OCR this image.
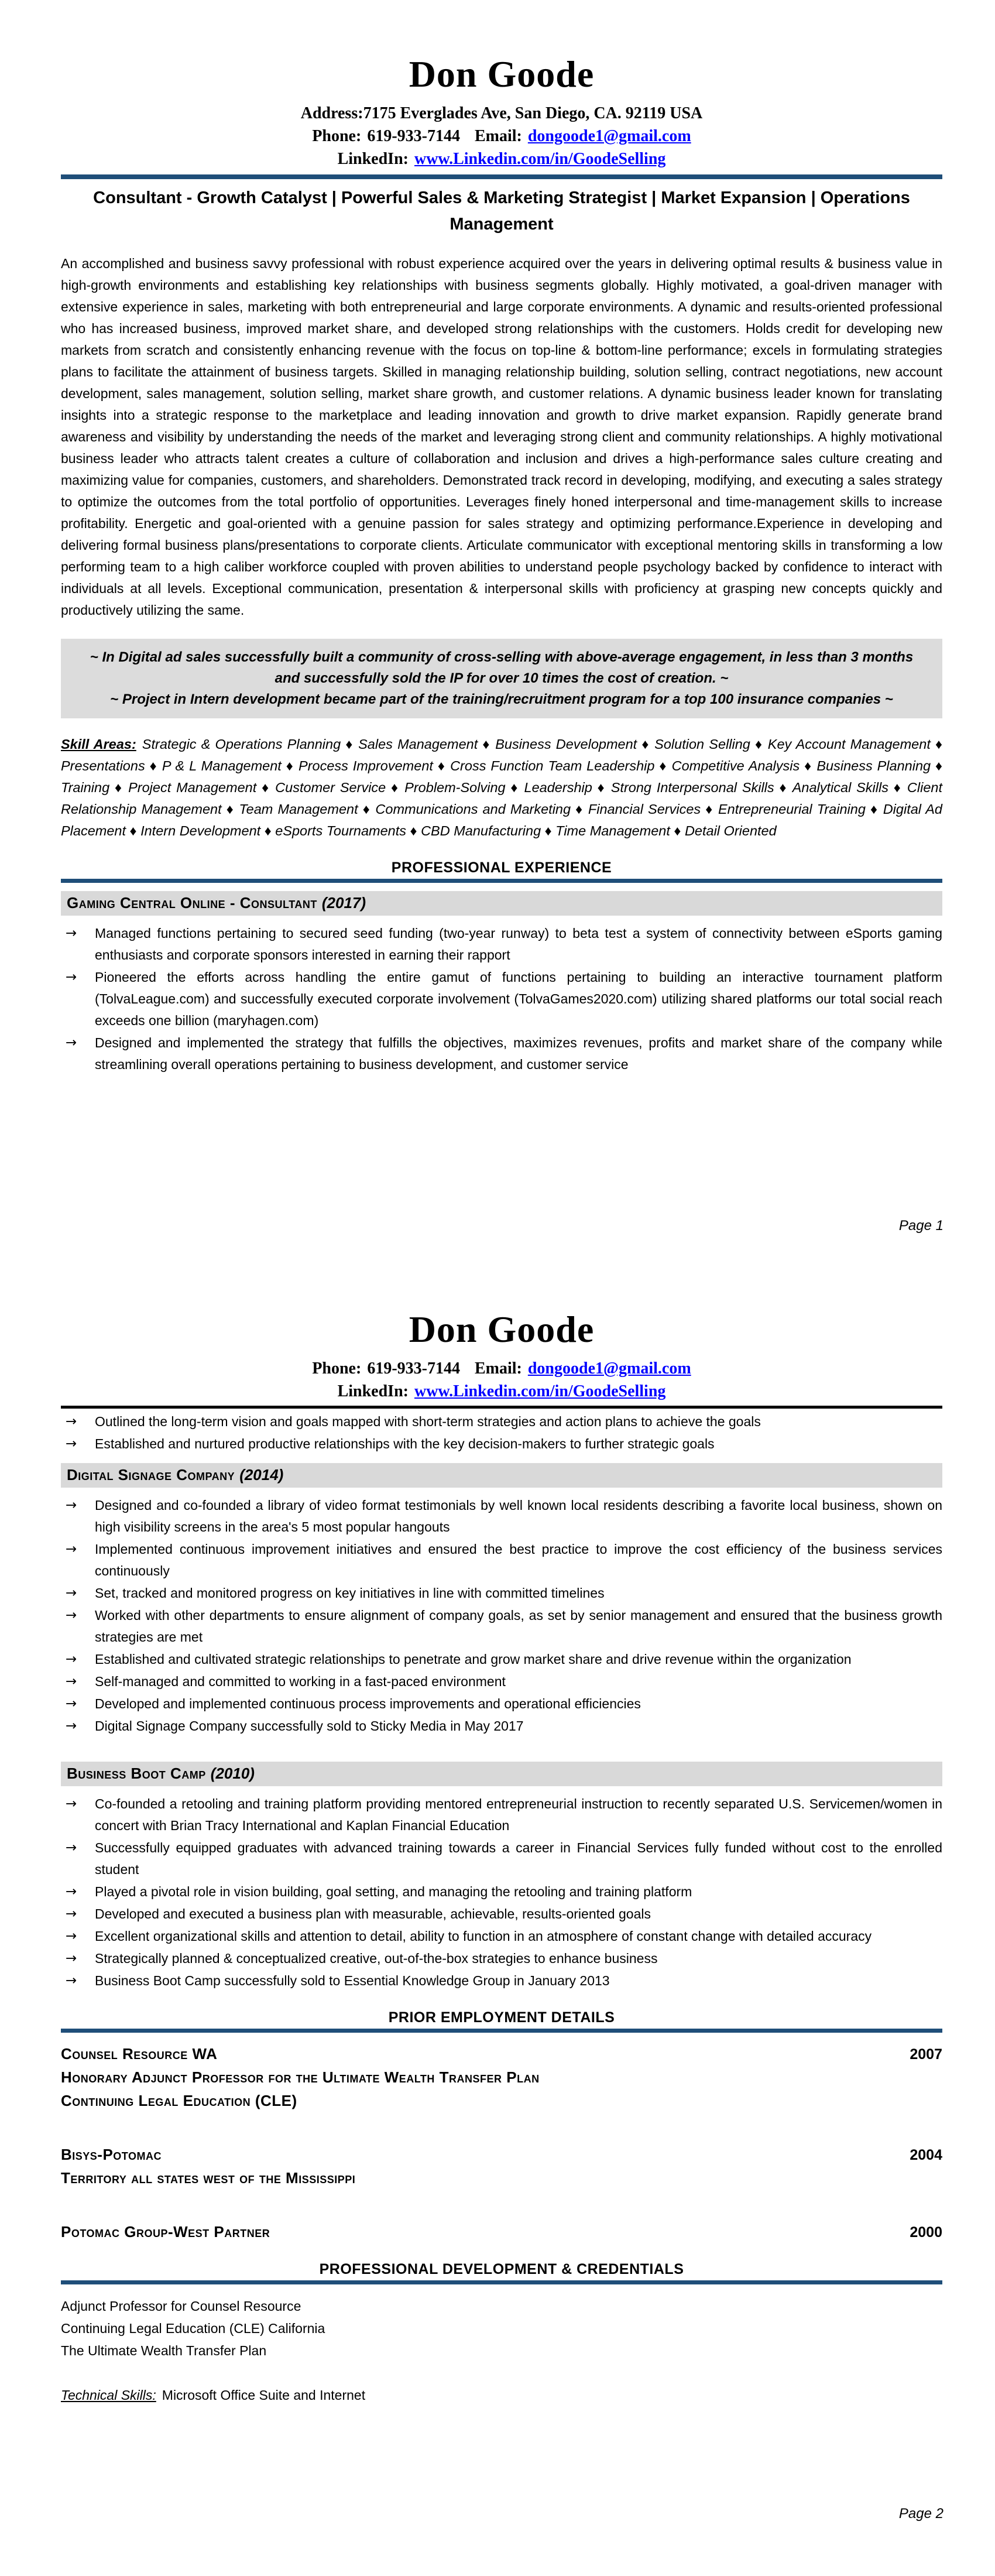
Don Goode
Address:7175 Everglades Ave, San Diego, CA. 92119 USA
Phone: 619-933-7144 Email: dongoode1@gmail.com
LinkedIn: www.Linkedin.com/in/GoodeSelling
Consultant - Growth Catalyst | Powerful Sales & Marketing Strategist | Market Expansion | Operations Management

An accomplished and business savvy professional with robust experience acquired over the years in delivering optimal results & business value in high-growth environments and establishing key relationships with business segments globally. Highly motivated, a goal-driven manager with extensive experience in sales, marketing with both entrepreneurial and large corporate environments. A dynamic and results-oriented professional who has increased business, improved market share, and developed strong relationships with the customers. Holds credit for developing new markets from scratch and consistently enhancing revenue with the focus on top-line & bottom-line performance; excels in formulating strategies plans to facilitate the attainment of business targets. Skilled in managing relationship building, solution selling, contract negotiations, new account development, sales management, solution selling, market share growth, and customer relations. A dynamic business leader known for translating insights into a strategic response to the marketplace and leading innovation and growth to drive market expansion. Rapidly generate brand awareness and visibility by understanding the needs of the market and leveraging strong client and community relationships. A highly motivational business leader who attracts talent creates a culture of collaboration and inclusion and drives a high-performance sales culture creating and maximizing value for companies, customers, and shareholders. Demonstrated track record in developing, modifying, and executing a sales strategy to optimize the outcomes from the total portfolio of opportunities. Leverages finely honed interpersonal and time-management skills to increase profitability. Energetic and goal-oriented with a genuine passion for sales strategy and optimizing performance.Experience in developing and delivering formal business plans/presentations to corporate clients. Articulate communicator with exceptional mentoring skills in transforming a low performing team to a high caliber workforce coupled with proven abilities to understand people psychology backed by confidence to interact with individuals at all levels. Exceptional communication, presentation & interpersonal skills with proficiency at grasping new concepts quickly and productively utilizing the same.

~ In Digital ad sales successfully built a community of cross-selling with above-average engagement, in less than 3 months and successfully sold the IP for over 10 times the cost of creation. ~

~ Project in Intern development became part of the training/recruitment program for a top 100 insurance companies ~

Skill Areas: Strategic & Operations Planning ♦ Sales Management ♦ Business Development ♦ Solution Selling ♦ Key Account Management ♦ Presentations ♦ P & L Management ♦ Process Improvement ♦ Cross Function Team Leadership ♦ Competitive Analysis ♦ Business Planning ♦ Training ♦ Project Management ♦ Customer Service ♦ Problem-Solving ♦ Leadership ♦ Strong Interpersonal Skills ♦ Analytical Skills ♦ Client Relationship Management ♦ Team Management ♦ Communications and Marketing ♦ Financial Services ♦ Entrepreneurial Training ♦ Digital Ad Placement ♦ Intern Development ♦ eSports Tournaments ♦ CBD Manufacturing ♦ Time Management ♦ Detail Oriented

PROFESSIONAL EXPERIENCE
Gaming Central Online - Consultant (2017)
→ Managed functions pertaining to secured seed funding (two-year runway) to beta test a system of connectivity between eSports gaming enthusiasts and corporate sponsors interested in earning their rapport
→ Pioneered the efforts across handling the entire gamut of functions pertaining to building an interactive tournament platform (TolvaLeague.com) and successfully executed corporate involvement (TolvaGames2020.com) utilizing shared platforms our total social reach exceeds one billion (maryhagen.com)
→ Designed and implemented the strategy that fulfills the objectives, maximizes revenues, profits and market share of the company while streamlining overall operations pertaining to business development, and customer service
Page 1
Don Goode
Phone: 619-933-7144 Email: dongoode1@gmail.com
LinkedIn: www.Linkedin.com/in/GoodeSelling
→ Outlined the long-term vision and goals mapped with short-term strategies and action plans to achieve the goals
→ Established and nurtured productive relationships with the key decision-makers to further strategic goals
Digital Signage Company (2014)
→ Designed and co-founded a library of video format testimonials by well known local residents describing a favorite local business, shown on high visibility screens in the area's 5 most popular hangouts
→ Implemented continuous improvement initiatives and ensured the best practice to improve the cost efficiency of the business services continuously
→ Set, tracked and monitored progress on key initiatives in line with committed timelines
→ Worked with other departments to ensure alignment of company goals, as set by senior management and ensured that the business growth strategies are met
→ Established and cultivated strategic relationships to penetrate and grow market share and drive revenue within the organization
→ Self-managed and committed to working in a fast-paced environment
→ Developed and implemented continuous process improvements and operational efficiencies
→ Digital Signage Company successfully sold to Sticky Media in May 2017
Business Boot Camp (2010)
→ Co-founded a retooling and training platform providing mentored entrepreneurial instruction to recently separated U.S. Servicemen/women in concert with Brian Tracy International and Kaplan Financial Education
→ Successfully equipped graduates with advanced training towards a career in Financial Services fully funded without cost to the enrolled student
→ Played a pivotal role in vision building, goal setting, and managing the retooling and training platform
→ Developed and executed a business plan with measurable, achievable, results-oriented goals
→ Excellent organizational skills and attention to detail, ability to function in an atmosphere of constant change with detailed accuracy
→ Strategically planned & conceptualized creative, out-of-the-box strategies to enhance business
→ Business Boot Camp successfully sold to Essential Knowledge Group in January 2013
PRIOR EMPLOYMENT DETAILS
Counsel Resource WA	2007
Honorary Adjunct Professor for the Ultimate Wealth Transfer Plan
Continuing Legal Education (CLE)
Bisys-Potomac	2004
Territory all states west of the Mississippi
Potomac Group-West Partner	2000
PROFESSIONAL DEVELOPMENT & CREDENTIALS
Adjunct Professor for Counsel Resource
Continuing Legal Education (CLE) California
The Ultimate Wealth Transfer Plan

Technical Skills: Microsoft Office Suite and Internet

Page 2
